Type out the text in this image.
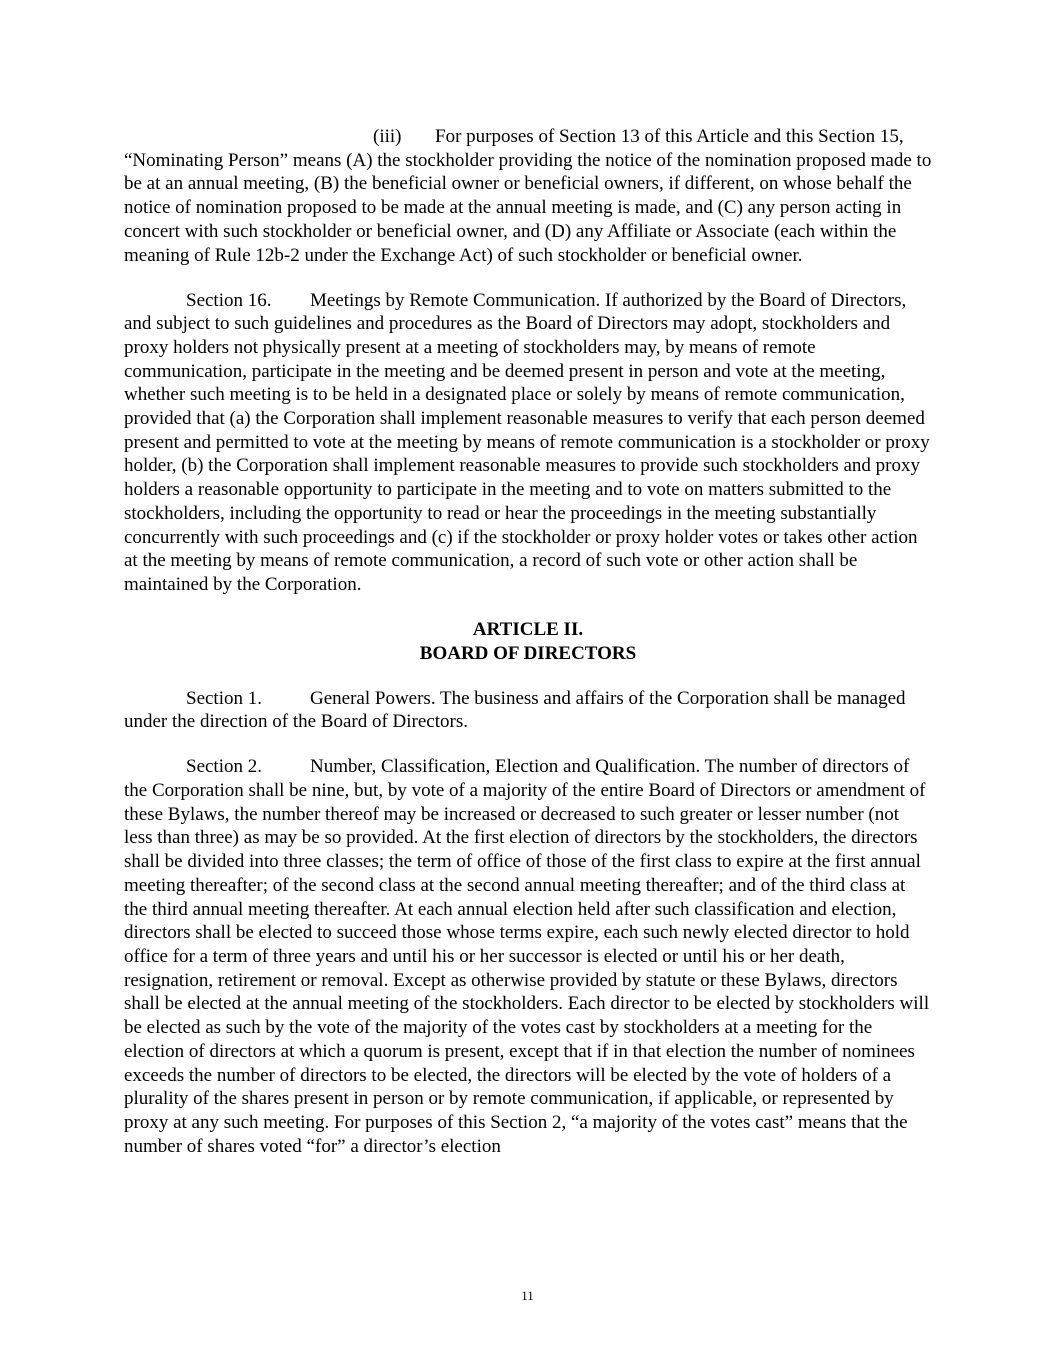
(iii) For purposes of Section 13 of this Article and this Section 15, “Nominating Person” means (A) the stockholder providing the notice of the nomination proposed made to be at an annual meeting, (B) the beneficial owner or beneficial owners, if different, on whose behalf the notice of nomination proposed to be made at the annual meeting is made, and (C) any person acting in concert with such stockholder or beneficial owner, and (D) any Affiliate or Associate (each within the meaning of Rule 12b-2 under the Exchange Act) of such stockholder or beneficial owner.

Section 16. Meetings by Remote Communication. If authorized by the Board of Directors, and subject to such guidelines and procedures as the Board of Directors may adopt, stockholders and proxy holders not physically present at a meeting of stockholders may, by means of remote communication, participate in the meeting and be deemed present in person and vote at the meeting, whether such meeting is to be held in a designated place or solely by means of remote communication, provided that (a) the Corporation shall implement reasonable measures to verify that each person deemed present and permitted to vote at the meeting by means of remote communication is a stockholder or proxy holder, (b) the Corporation shall implement reasonable measures to provide such stockholders and proxy holders a reasonable opportunity to participate in the meeting and to vote on matters submitted to the stockholders, including the opportunity to read or hear the proceedings in the meeting substantially concurrently with such proceedings and (c) if the stockholder or proxy holder votes or takes other action at the meeting by means of remote communication, a record of such vote or other action shall be maintained by the Corporation.

ARTICLE II.
BOARD OF DIRECTORS

Section 1.	General Powers. The business and affairs of the Corporation shall be managed under the direction of the Board of Directors.

Section 2.	Number, Classification, Election and Qualification. The number of directors of the Corporation shall be nine, but, by vote of a majority of the entire Board of Directors or amendment of these Bylaws, the number thereof may be increased or decreased to such greater or lesser number (not less than three) as may be so provided. At the first election of directors by the stockholders, the directors shall be divided into three classes; the term of office of those of the first class to expire at the first annual meeting thereafter; of the second class at the second annual meeting thereafter; and of the third class at the third annual meeting thereafter. At each annual election held after such classification and election, directors shall be elected to succeed those whose terms expire, each such newly elected director to hold office for a term of three years and until his or her successor is elected or until his or her death, resignation, retirement or removal. Except as otherwise provided by statute or these Bylaws, directors shall be elected at the annual meeting of the stockholders. Each director to be elected by stockholders will be elected as such by the vote of the majority of the votes cast by stockholders at a meeting for the election of directors at which a quorum is present, except that if in that election the number of nominees exceeds the number of directors to be elected, the directors will be elected by the vote of holders of a plurality of the shares present in person or by remote communication, if applicable, or represented by proxy at any such meeting. For purposes of this Section 2, “a majority of the votes cast” means that the number of shares voted “for” a director’s election

11
